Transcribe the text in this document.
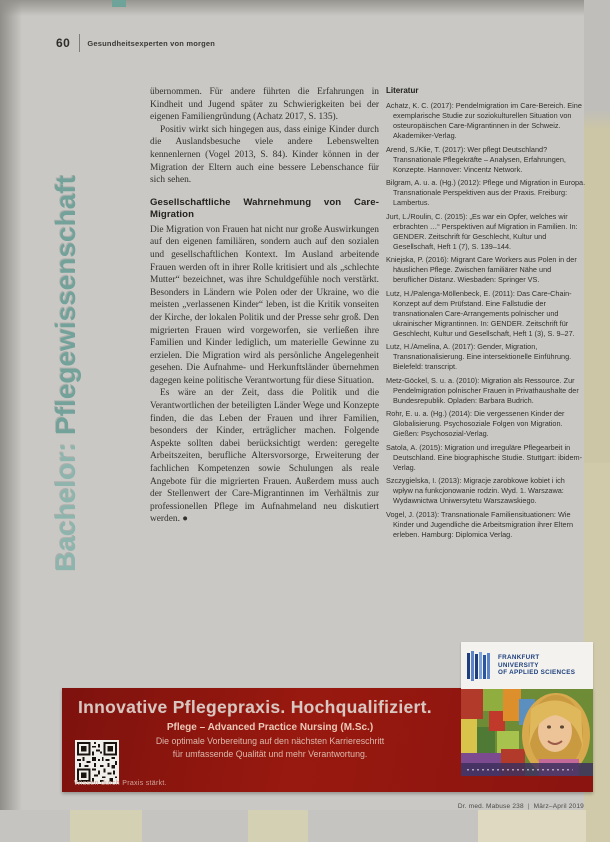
60 Gesundheitsexperten von morgen
Bachelor: Pflegewissenschaft

übernommen. Für andere führten die Erfahrungen in Kindheit und Jugend später zu Schwierigkeiten bei der eigenen Familiengründung (Achatz 2017, S. 135).

Positiv wirkt sich hingegen aus, dass einige Kinder durch die Auslandsbesuche viele andere Lebenswelten kennenlernen (Vogel 2013, S. 84). Kinder können in der Migration der Eltern auch eine bessere Lebenschance für sich sehen.

Gesellschaftliche Wahrnehmung von Care-Migration

Die Migration von Frauen hat nicht nur große Auswirkungen auf den eigenen familiären, sondern auch auf den sozialen und gesellschaftlichen Kontext. Im Ausland arbeitende Frauen werden oft in ihrer Rolle kritisiert und als „schlechte Mutter“ bezeichnet, was ihre Schuldgefühle noch verstärkt. Besonders in Ländern wie Polen oder der Ukraine, wo die meisten „verlassenen Kinder“ leben, ist die Kritik vonseiten der Kirche, der lokalen Politik und der Presse sehr groß. Den migrierten Frauen wird vorgeworfen, sie verließen ihre Familien und Kinder lediglich, um materielle Gewinne zu erzielen. Die Migration wird als persönliche Angelegenheit gesehen. Die Aufnahme- und Herkunftsländer übernehmen dagegen keine politische Verantwortung für diese Situation.

Es wäre an der Zeit, dass die Politik und die Verantwortlichen der beteiligten Länder Wege und Konzepte finden, die das Leben der Frauen und ihrer Familien, besonders der Kinder, erträglicher machen. Folgende Aspekte sollten dabei berücksichtigt werden: geregelte Arbeitszeiten, berufliche Altersvorsorge, Erweiterung der fachlichen Kompetenzen sowie Schulungen als reale Angebote für die migrierten Frauen. Außerdem muss auch der Stellenwert der Care-Migrantinnen im Verhältnis zur professionellen Pflege im Aufnahmeland neu diskutiert werden. ●

Literatur

Achatz, K. C. (2017): Pendelmigration im Care-Bereich. Eine exemplarische Studie zur soziokulturellen Situation von osteuropäischen Care-Migrantinnen in der Schweiz. Akademiker-Verlag.

Arend, S./Klie, T. (2017): Wer pflegt Deutschland? Transnationale Pflegekräfte – Analysen, Erfahrungen, Konzepte. Hannover: Vincentz Network.

Bilgram, A. u. a. (Hg.) (2012): Pflege und Migration in Europa. Transnationale Perspektiven aus der Praxis. Freiburg: Lambertus.

Jurt, L./Roulin, C. (2015): „Es war ein Opfer, welches wir erbrachten …“ Perspektiven auf Migration in Familien. In: GENDER. Zeitschrift für Geschlecht, Kultur und Gesellschaft, Heft 1 (7), S. 139–144.

Kniejska, P. (2016): Migrant Care Workers aus Polen in der häuslichen Pflege. Zwischen familiärer Nähe und beruflicher Distanz. Wiesbaden: Springer VS.

Lutz, H./Palenga-Möllenbeck, E. (2011): Das Care-Chain-Konzept auf dem Prüfstand. Eine Fallstudie der transnationalen Care-Arrangements polnischer und ukrainischer Migrantinnen. In: GENDER. Zeitschrift für Geschlecht, Kultur und Gesellschaft, Heft 1 (3), S. 9–27.

Lutz, H./Amelina, A. (2017): Gender, Migration, Transnationalisierung. Eine intersektionelle Einführung. Bielefeld: transcript.

Metz-Göckel, S. u. a. (2010): Migration als Ressource. Zur Pendelmigration polnischer Frauen in Privathaushalte der Bundesrepublik. Opladen: Barbara Budrich.

Rohr, E. u. a. (Hg.) (2014): Die vergessenen Kinder der Globalisierung. Psychosoziale Folgen von Migration. Gießen: Psychosozial-Verlag.

Satola, A. (2015): Migration und irreguläre Pflegearbeit in Deutschland. Eine biographische Studie. Stuttgart: ibidem-Verlag.

Szczygielska, I. (2013): Migracje zarobkowe kobiet i ich wpływ na funkcjonowanie rodzin. Wyd. 1. Warszawa: Wydawnictwa Uniwersytetu Warszawskiego.

Vogel, J. (2013): Transnationale Familiensituationen: Wie Kinder und Jugendliche die Arbeitsmigration ihrer Eltern erleben. Hamburg: Diplomica Verlag.

Innovative Pflegepraxis. Hochqualifiziert.

Pflege – Advanced Practice Nursing (M.Sc.)

Die optimale Vorbereitung auf den nächsten Karriereschritt

für umfassende Qualität und mehr Verantwortung.

Wissen durch Praxis stärkt.
FRANKFURT
UNIVERSITY
OF APPLIED SCIENCES
Dr. med. Mabuse 238 | März–April 2019
